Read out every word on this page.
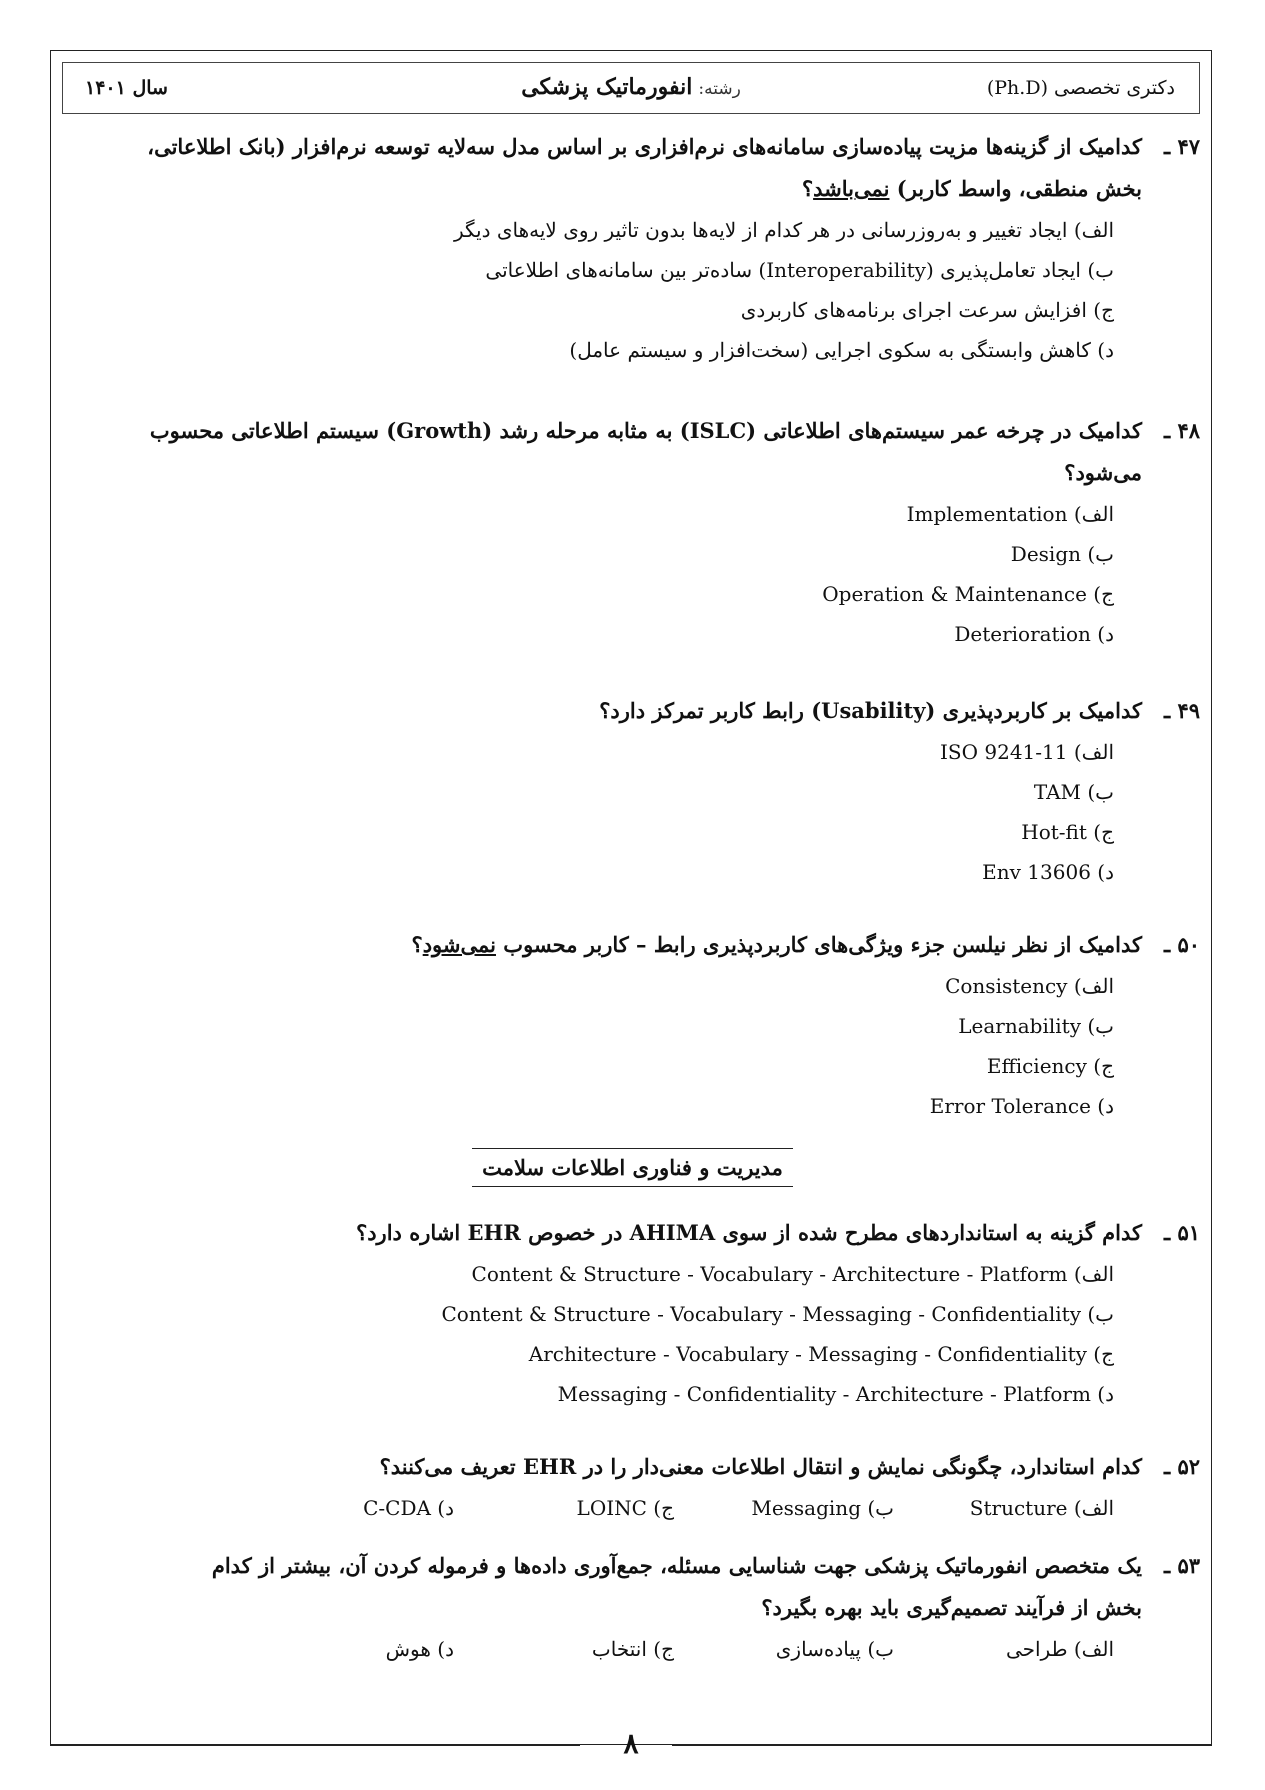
دکتری تخصصی (Ph.D)
رشته: انفورماتیک پزشکی
سال ۱۴۰۱
۴۷ ـکدامیک از گزینه‌ها مزیت پیاده‌سازی سامانه‌های نرم‌افزاری بر اساس مدل سه‌لایه توسعه نرم‌افزار (بانک اطلاعاتی،
بخش منطقی، واسط کاربر) نمی‌باشد؟
الف) ایجاد تغییر و به‌روزرسانی در هر کدام از لایه‌ها بدون تاثیر روی لایه‌های دیگر
ب) ایجاد تعامل‌پذیری (Interoperability) ساده‌تر بین سامانه‌های اطلاعاتی
ج) افزایش سرعت اجرای برنامه‌های کاربردی
د) کاهش وابستگی به سکوی اجرایی (سخت‌افزار و سیستم عامل)
۴۸ ـکدامیک در چرخه عمر سیستم‌های اطلاعاتی (ISLC) به مثابه مرحله رشد (Growth) سیستم اطلاعاتی محسوب
می‌شود؟
الف) Implementation
ب) Design
ج) Operation & Maintenance
د) Deterioration
۴۹ ـکدامیک بر کاربردپذیری (Usability) رابط کاربر تمرکز دارد؟
الف) ISO 9241-11
ب) TAM
ج) Hot-fit
د) Env 13606
۵۰ ـکدامیک از نظر نیلسن جزء ویژگی‌های کاربردپذیری رابط – کاربر محسوب نمی‌شود؟
الف) Consistency
ب) Learnability
ج) Efficiency
د) Error Tolerance
مدیریت و فناوری اطلاعات سلامت
۵۱ ـکدام گزینه به استانداردهای مطرح شده از سوی AHIMA در خصوص EHR اشاره دارد؟
الف) Content & Structure - Vocabulary - Architecture - Platform
ب) Content & Structure - Vocabulary - Messaging - Confidentiality
ج) Architecture - Vocabulary - Messaging - Confidentiality
د) Messaging - Confidentiality - Architecture - Platform
۵۲ ـکدام استاندارد، چگونگی نمایش و انتقال اطلاعات معنی‌دار را در EHR تعریف می‌کنند؟
الف) Structure
ب) Messaging
ج) LOINC
د) C-CDA
۵۳ ـیک متخصص انفورماتیک پزشکی جهت شناسایی مسئله، جمع‌آوری داده‌ها و فرموله کردن آن، بیشتر از کدام
بخش از فرآیند تصمیم‌گیری باید بهره بگیرد؟
الف) طراحی
ب) پیاده‌سازی
ج) انتخاب
د) هوش
۸
